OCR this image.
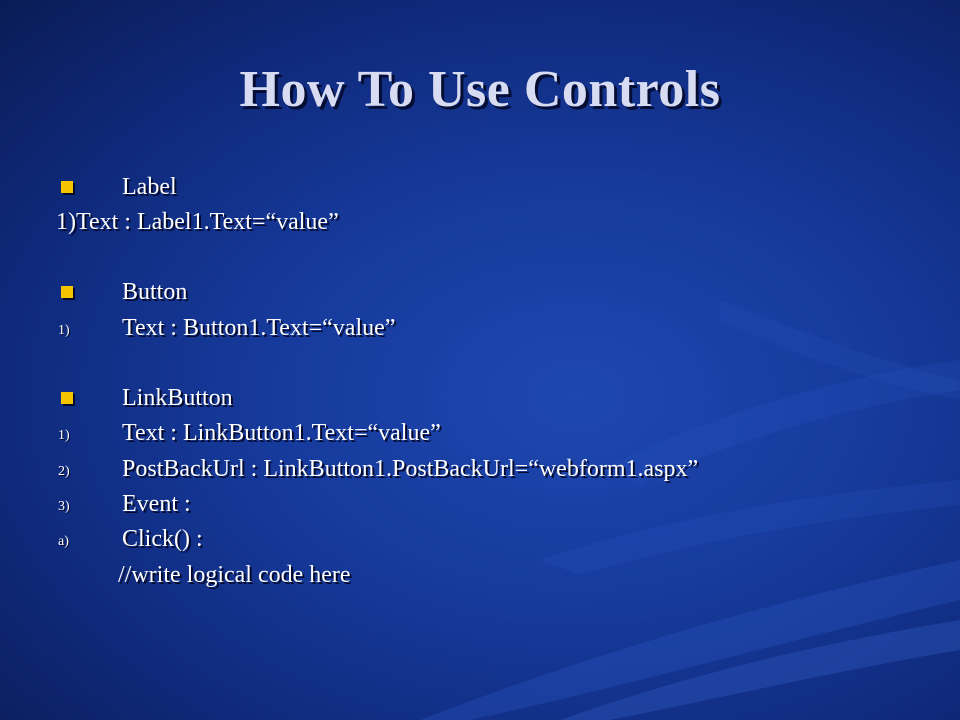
How To Use Controls
Label
1)Text : Label1.Text=“value”
Button
1) Text : Button1.Text=“value”
LinkButton
1) Text : LinkButton1.Text=“value”
2) PostBackUrl : LinkButton1.PostBackUrl=“webform1.aspx”
3) Event :
a) Click() :
//write logical code here
